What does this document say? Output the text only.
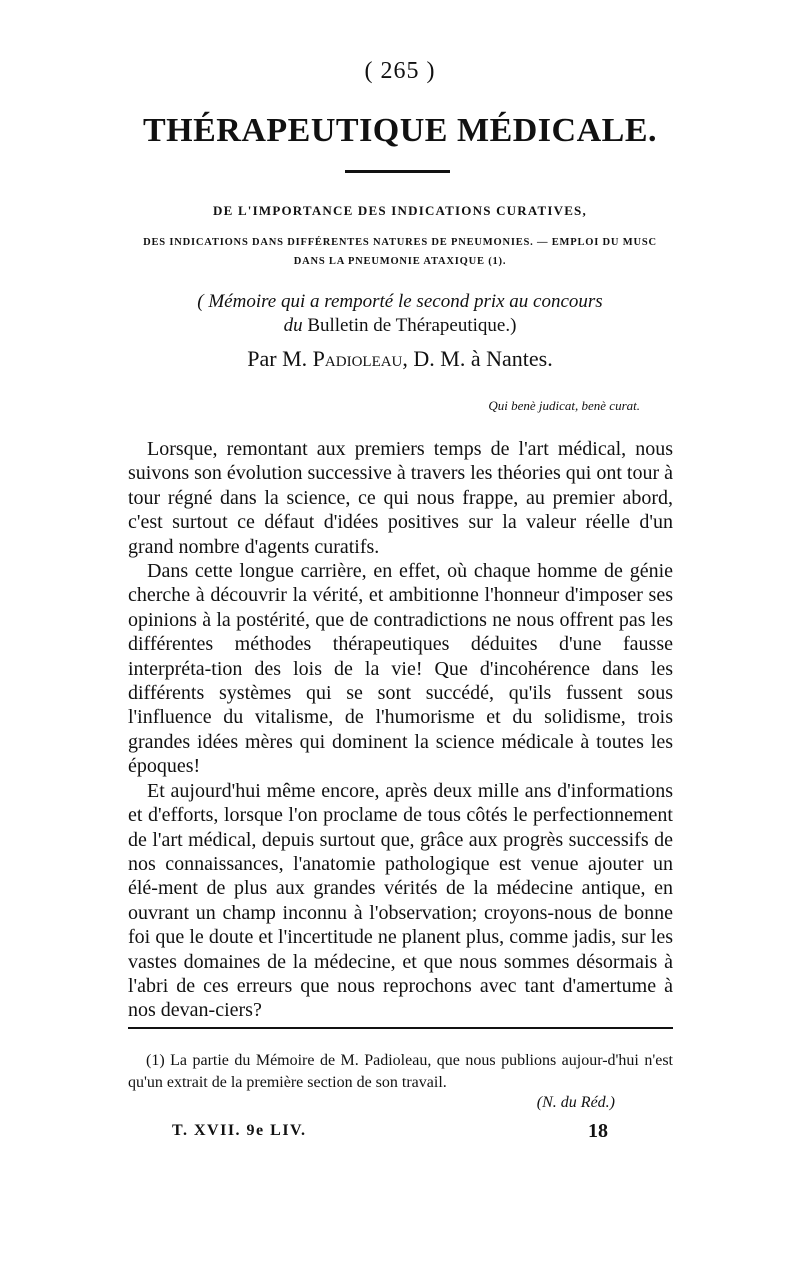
( 265 )
THÉRAPEUTIQUE MÉDICALE.
DE L'IMPORTANCE DES INDICATIONS CURATIVES,
DES INDICATIONS DANS DIFFÉRENTES NATURES DE PNEUMONIES. — EMPLOI DU MUSC
DANS LA PNEUMONIE ATAXIQUE (1).
( Mémoire qui a remporté le second prix au concours
du Bulletin de Thérapeutique.)
Par M. Padioleau, D. M. à Nantes.
Qui benè judicat, benè curat.

Lorsque, remontant aux premiers temps de l'art médical, nous suivons son évolution successive à travers les théories qui ont tour à tour régné dans la science, ce qui nous frappe, au premier abord, c'est surtout ce défaut d'idées positives sur la valeur réelle d'un grand nombre d'agents curatifs.

Dans cette longue carrière, en effet, où chaque homme de génie cherche à découvrir la vérité, et ambitionne l'honneur d'imposer ses opinions à la postérité, que de contradictions ne nous offrent pas les différentes méthodes thérapeutiques déduites d'une fausse interpréta-tion des lois de la vie! Que d'incohérence dans les différents systèmes qui se sont succédé, qu'ils fussent sous l'influence du vitalisme, de l'humorisme et du solidisme, trois grandes idées mères qui dominent la science médicale à toutes les époques!

Et aujourd'hui même encore, après deux mille ans d'informations et d'efforts, lorsque l'on proclame de tous côtés le perfectionnement de l'art médical, depuis surtout que, grâce aux progrès successifs de nos connaissances, l'anatomie pathologique est venue ajouter un élé-ment de plus aux grandes vérités de la médecine antique, en ouvrant un champ inconnu à l'observation; croyons-nous de bonne foi que le doute et l'incertitude ne planent plus, comme jadis, sur les vastes domaines de la médecine, et que nous sommes désormais à l'abri de ces erreurs que nous reprochons avec tant d'amertume à nos devan-ciers?

(1) La partie du Mémoire de M. Padioleau, que nous publions aujour-d'hui n'est qu'un extrait de la première section de son travail.

(N. du Réd.)
T. XVII. 9e LIV.	18
